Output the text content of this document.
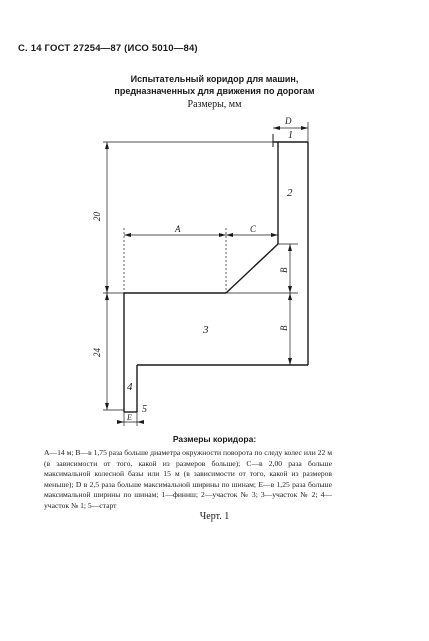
С. 14 ГОСТ 27254—87 (ИСО 5010—84)
Испытательный коридор для машин,
предназначенных для движения по дорогам
Размеры, мм
D
A	C
B
B
E
20
24
1
2
3
4
5
Размеры коридора:
A—14 м; B—в 1,75 раза больше диаметра окружности поворота по следу колес или 22 м (в зависимости от того, какой из размеров больше); C—в 2,00 раза больше максимальной колесной базы или 15 м (в зависимости от того, какой из размеров меньше); D в 2,5 раза больше максимальной ширины по шинам; E—в 1,25 раза больше максимальной ширины по шинам; 1—финиш; 2—участок № 3; 3—участок № 2; 4—участок № 1; 5—старт
Черт. 1
